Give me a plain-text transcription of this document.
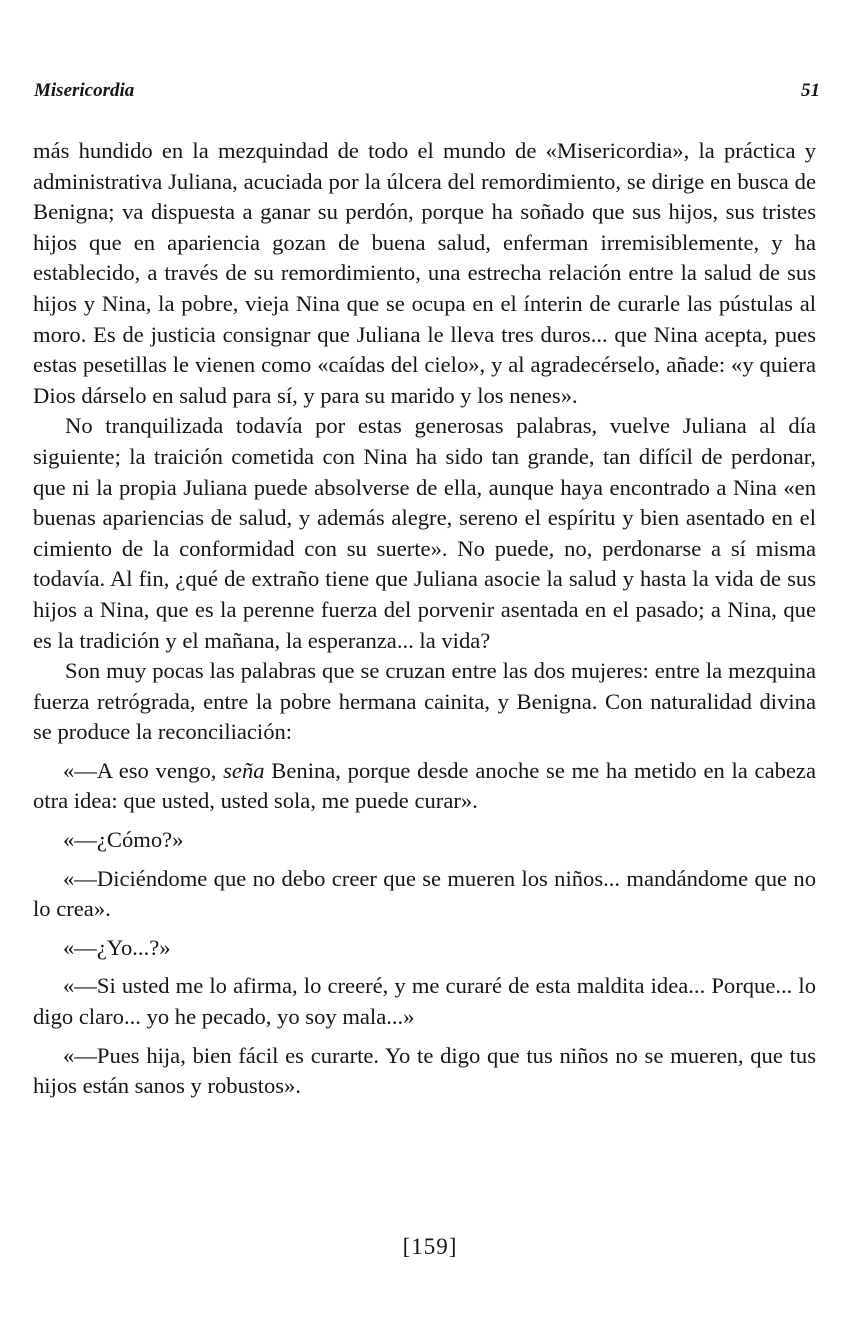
Misericordia	51

más hundido en la mezquindad de todo el mundo de «Misericordia», la práctica y administrativa Juliana, acuciada por la úlcera del remordimiento, se dirige en busca de Benigna; va dispuesta a ganar su perdón, porque ha soñado que sus hijos, sus tristes hijos que en apariencia gozan de buena salud, enferman irremisiblemente, y ha establecido, a través de su remordimiento, una estrecha relación entre la salud de sus hijos y Nina, la pobre, vieja Nina que se ocupa en el ínterin de curarle las pústulas al moro. Es de justicia consignar que Juliana le lleva tres duros... que Nina acepta, pues estas pesetillas le vienen como «caídas del cielo», y al agradecérselo, añade: «y quiera Dios dárselo en salud para sí, y para su marido y los nenes».

No tranquilizada todavía por estas generosas palabras, vuelve Juliana al día siguiente; la traición cometida con Nina ha sido tan grande, tan difícil de perdonar, que ni la propia Juliana puede absolverse de ella, aunque haya encontrado a Nina «en buenas apariencias de salud, y además alegre, sereno el espíritu y bien asentado en el cimiento de la conformidad con su suerte». No puede, no, perdonarse a sí misma todavía. Al fin, ¿qué de extraño tiene que Juliana asocie la salud y hasta la vida de sus hijos a Nina, que es la perenne fuerza del porvenir asentada en el pasado; a Nina, que es la tradición y el mañana, la esperanza... la vida?

Son muy pocas las palabras que se cruzan entre las dos mujeres: entre la mezquina fuerza retrógrada, entre la pobre hermana cainita, y Benigna. Con naturalidad divina se produce la reconciliación:

«—A eso vengo, seña Benina, porque desde anoche se me ha metido en la cabeza otra idea: que usted, usted sola, me puede curar».

«—¿Cómo?»

«—Diciéndome que no debo creer que se mueren los niños... mandándome que no lo crea».

«—¿Yo...?»

«—Si usted me lo afirma, lo creeré, y me curaré de esta maldita idea... Porque... lo digo claro... yo he pecado, yo soy mala...»

«—Pues hija, bien fácil es curarte. Yo te digo que tus niños no se mueren, que tus hijos están sanos y robustos».

[159]
